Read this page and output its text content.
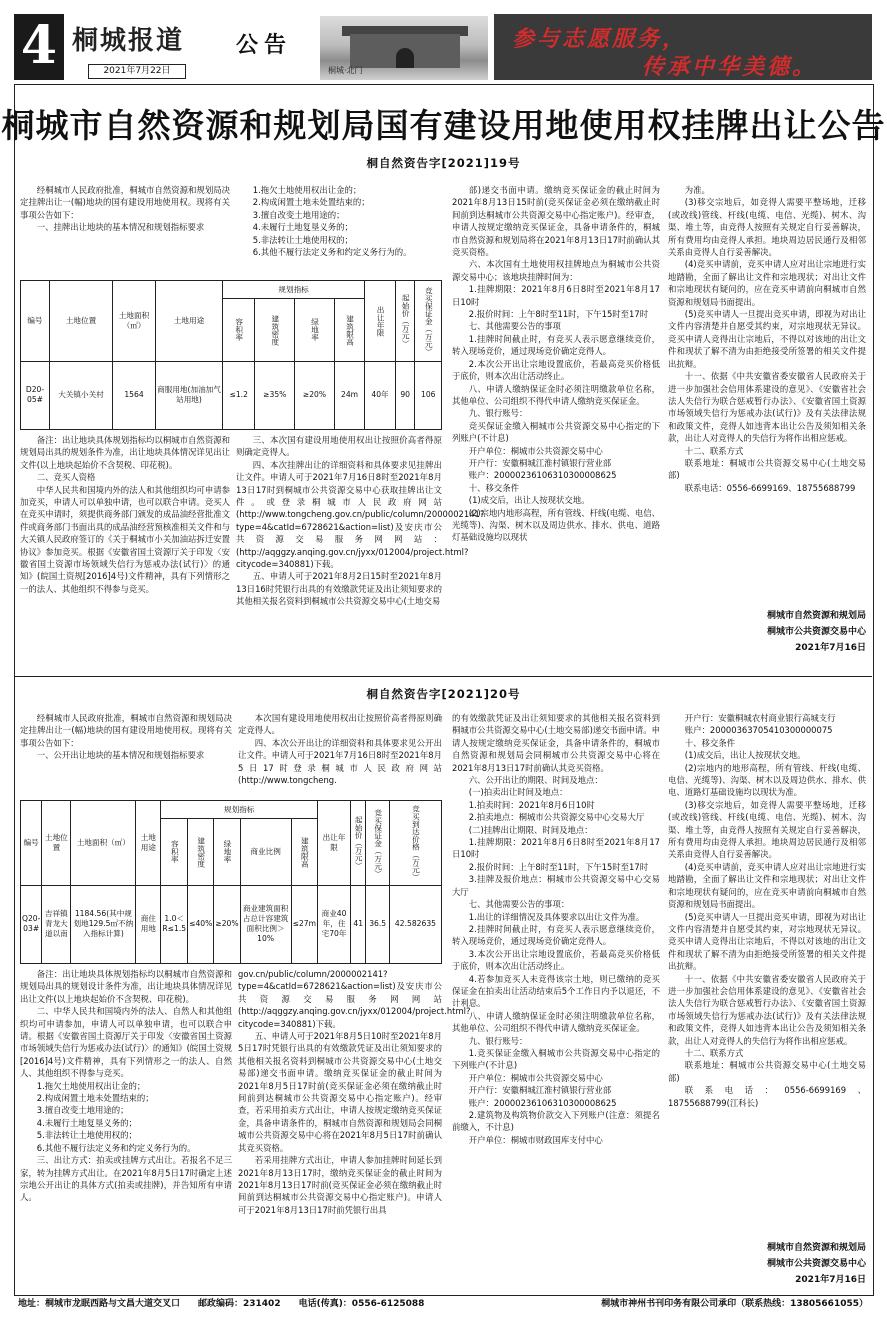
4 桐城报道
2021年7月22日
公告
桐城·北门
参与志愿服务，
传承中华美德。
桐城市自然资源和规划局国有建设用地使用权挂牌出让公告
桐自然资告字[2021]19号

经桐城市人民政府批准，桐城市自然资源和规划局决定挂牌出让一(幅)地块的国有建设用地使用权。现将有关事项公告如下：

一、挂牌出让地块的基本情况和规划指标要求

1.拖欠土地使用权出让金的；

2.构成闲置土地未处置结束的；

3.擅自改变土地用途的；

4.未履行土地复垦义务的；

5.非法转让土地使用权的；

6.其他不履行法定义务和约定义务行为的。

编号	土地位置	土地面积（㎡）	土地用途	规划指标				出让年限	起始价（万元）	竞买保证金（万元）
				容积率	建筑密度	绿地率	建筑限高			
D20-05#	大关镇小关村	1564	商服用地(加油加气站用地)	≤1.2	≥35%	≥20%	24m	40年	90	106

备注：出让地块具体规划指标均以桐城市自然资源和规划局出具的规划条件为准，出让地块具体情况详见出让文件(以上地块起始价不含契税、印花税)。

二、竞买人资格

中华人民共和国境内外的法人和其他组织均可申请参加竞买，申请人可以单独申请，也可以联合申请。竞买人在竞买申请时，须提供商务部门颁发的成品油经营批准文件或商务部门书面出具的成品油经营预核准相关文件和与大关镇人民政府签订的《关于桐城市小关加油站拆迁安置协议》参加竞买。根据《安徽省国土资源厅关于印发〈安徽省国土资源市场领域失信行为惩戒办法(试行)〉的通知》(皖国土资规[2016]4号)文件精神，具有下列情形之一的法人、其他组织不得参与竞买。

三、本次国有建设用地使用权出让按照价高者得原则确定竞得人。

四、本次挂牌出让的详细资料和具体要求见挂牌出让文件。申请人可于2021年7月16日8时至2021年8月13日17时到桐城市公共资源交易中心获取挂牌出让文件。或登录桐城市人民政府网站(http://www.tongcheng.gov.cn/public/column/2000002141?type=4&catId=6728621&action=list)及安庆市公共资源交易服务网网站：(http://aqggzy.anqing.gov.cn/jyxx/012004/project.html?citycode=340881)下载。

五、申请人可于2021年8月2日15时至2021年8月13日16时凭银行出具的有效缴款凭证及出让须知要求的其他相关报名资料到桐城市公共资源交易中心(土地交易

部)递交书面申请。缴纳竞买保证金的截止时间为2021年8月13日15时前(竞买保证金必须在缴纳截止时间前到达桐城市公共资源交易中心指定账户)。经审查，申请人按规定缴纳竞买保证金，具备申请条件的，桐城市自然资源和规划局将在2021年8月13日17时前确认其竞买资格。

六、本次国有土地使用权挂牌地点为桐城市公共资源交易中心；该地块挂牌时间为：

1.挂牌期限：2021年8月6日8时至2021年8月17日10时

2.报价时间：上午8时至11时，下午15时至17时

七、其他需要公告的事项

1.挂牌时间截止时，有竞买人表示愿意继续竞价，转入现场竞价，通过现场竞价确定竞得人。

2.本次公开出让宗地设置底价，若最高竞买价格低于底价，则本次出让活动终止。

八、申请人缴纳保证金时必须注明缴款单位名称，其他单位、公司组织不得代申请人缴纳竞买保证金。

九、银行账号：

竞买保证金缴入桐城市公共资源交易中心指定的下列账户(不计息)

开户单位：桐城市公共资源交易中心

开户行：安徽桐城江淮村镇银行营业部

账户：2000023610631030000862​5

十、移交条件

(1)成交后，出让人按现状交地。

(2)宗地内地形高程，所有管线、杆线(电缆、电信、光缆等)、沟渠、树木以及周边供水、排水、供电、道路灯基础设施均以现状

为准。

(3)移交宗地后，如竞得人需要平整场地，迁移(或改线)管线、杆线(电缆、电信、光缆)、树木、沟渠、堆土等，由竞得人按照有关规定自行妥善解决，所有费用均由竞得人承担。地块周边居民通行及相邻关系由竞得人自行妥善解决。

(4)竞买申请前，竞买申请人应对出让宗地进行实地踏勘，全面了解出让文件和宗地现状；对出让文件和宗地现状有疑问的，应在竞买申请前向桐城市自然资源和规划局书面提出。

(5)竞买申请人一旦提出竞买申请，即视为对出让文件内容清楚并自愿受其约束，对宗地现状无异议。竞买申请人竞得出让宗地后，不得以对该地的出让文件和现状了解不清为由拒绝接受所签署的相关文件提出抗辩。

十一、依据《中共安徽省委安徽省人民政府关于进一步加强社会信用体系建设的意见》、《安徽省社会法人失信行为联合惩戒暂行办法》、《安徽省国土资源市场领域失信行为惩戒办法(试行)》及有关法律法规和政策文件，竞得人如违背本出让公告及须知相关条款，出让人对竞得人的失信行为将作出相应惩戒。

十二、联系方式

联系地址：桐城市公共资源交易中心(土地交易部)

联系电话：0556-6699169、18755688799

桐城市自然资源和规划局
桐城市公共资源交易中心
2021年7月16日
桐自然资告字[2021]20号

经桐城市人民政府批准，桐城市自然资源和规划局决定挂牌出让一(幅)地块的国有建设用地使用权。现将有关事项公告如下：

一、公开出让地块的基本情况和规划指标要求

本次国有建设用地使用权出让按照价高者得原则确定竞得人。

四、本次公开出让的详细资料和具体要求见公开出让文件。申请人可于2021年7月16日8时至2021年8月5日17时登录桐城市人民政府网站(http://www.tongcheng.

编号	土地位置	土地面积（㎡）	土地用途	规划指标					出让年限	起始价（万元）	竞买保证金（万元）	竞买到达价格（万元）
				容积率	建筑密度	绿地率	商业比例	建筑限高				
Q20-03#	吉祥镇青龙大道以南	1184.56(其中规划地129.5㎡不纳入指标计算)	商住用地	1.0＜R≤1.5	≤40%	≥20%	商业建筑面积占总计容建筑面积比例＞10%	≤27m	商业40年，住宅70年	41	36.5	42.582635

备注：出让地块具体规划指标均以桐城市自然资源和规划局出具的规划设计条件为准，出让地块具体情况详见出让文件(以上地块起始价不含契税、印花税)。

二、中华人民共和国境内外的法人、自然人和其他组织均可申请参加，申请人可以单独申请，也可以联合申请。根据《安徽省国土资源厅关于印发〈安徽省国土资源市场领域失信行为惩戒办法(试行)〉的通知》(皖国土资规[2016]4号)文件精神，具有下列情形之一的法人、自然人、其他组织不得参与竞买。

1.拖欠土地使用权出让金的；

2.构成闲置土地未处置结束的；

3.擅自改变土地用途的；

4.未履行土地复垦义务的；

5.非法转让土地使用权的；

6.其他不履行法定义务和约定义务行为的。

三、出让方式：拍卖或挂牌方式出让。若报名不足三家，转为挂牌方式出让。在2021年8月5日17时确定上述宗地公开出让的具体方式(拍卖或挂牌)，并告知所有申请人。

gov.cn/public/column/2000002141?type=4&catId=6728621&action=list)及安庆市公共资源交易服务网网站(http://aqggzy.anqing.gov.cn/jyxx/012004/project.html?citycode=340881)下载。

五、申请人可于2021年8月5日10时至2021年8月5日17时凭银行出具的有效缴款凭证及出让须知要求的其他相关报名资料到桐城市公共资源交易中心(土地交易部)递交书面申请。缴纳竞买保证金的截止时间为2021年8月5日17时前(竞买保证金必须在缴纳截止时间前到达桐城市公共资源交易中心指定账户)。经审查，若采用拍卖方式出让，申请人按规定缴纳竞买保证金，具备申请条件的，桐城市自然资源和规划局会同桐城市公共资源交易中心将在2021年8月5日17时前确认其竞买资格。

若采用挂牌方式出让，申请人参加挂牌时间延长到2021年8月13日17时，缴纳竞买保证金的截止时间为2021年8月13日17时前(竞买保证金必须在缴纳截止时间前到达桐城市公共资源交易中心指定账户)。申请人可于2021年8月13日17时前凭银行出具

的有效缴款凭证及出让须知要求的其他相关报名资料到桐城市公共资源交易中心(土地交易部)递交书面申请。申请人按规定缴纳竞买保证金，具备申请条件的，桐城市自然资源和规划局会同桐城市公共资源交易中心将在2021年8月13日17时前确认其竞买资格。

六、公开出让的期限、时间及地点：

(一)拍卖出让时间及地点：

1.拍卖时间：2021年8月6日10时

2.拍卖地点：桐城市公共资源交易中心交易大厅

(二)挂牌出让期限、时间及地点：

1.挂牌期限：2021年8月6日8时至2021年8月17日10时

2.报价时间：上午8时至11时，下午15时至17时

3.挂牌及报价地点：桐城市公共资源交易中心交易大厅

七、其他需要公告的事项：

1.出让的详细情况及具体要求以出让文件为准。

2.挂牌时间截止时，有竞买人表示愿意继续竞价，转入现场竞价，通过现场竞价确定竞得人。

3.本次公开出让宗地设置底价，若最高竞买价格低于底价，则本次出让活动终止。

4.若参加竞买人未竞得该宗土地，则已缴纳的竞买保证金在拍卖出让活动结束后5个工作日内予以退还，不计利息。

八、申请人缴纳保证金时必须注明缴款单位名称，其他单位、公司组织不得代申请人缴纳竞买保证金。

九、银行账号：

1.竞买保证金缴入桐城市公共资源交易中心指定的下列账户(不计息)

开户单位：桐城市公共资源交易中心

开户行：安徽桐城江淮村镇银行营业部

账户：2000023610631030000862​5

2.建筑物及构筑物价款交入下列账户(注意：须提名前缴入，不计息)

开户单位：桐城市财政国库支付中心

开户行：安徽桐城农村商业银行高城支行

账户：20000363705410300000075

十、移交条件

(1)成交后，出让人按现状交地。

(2)宗地内的地形高程，所有管线、杆线(电缆、电信、光缆等)、沟渠、树木以及周边供水、排水、供电、道路灯基础设施均以现状为准。

(3)移交宗地后，如竞得人需要平整场地，迁移(或改线)管线、杆线(电缆、电信、光缆)、树木、沟渠、堆土等，由竞得人按照有关规定自行妥善解决，所有费用均由竞得人承担。地块周边居民通行及相邻关系由竞得人自行妥善解决。

(4)竞买申请前，竞买申请人应对出让宗地进行实地踏勘，全面了解出让文件和宗地现状；对出让文件和宗地现状有疑问的，应在竞买申请前向桐城市自然资源和规划局书面提出。

(5)竞买申请人一旦提出竞买申请，即视为对出让文件内容清楚并自愿受其约束，对宗地现状无异议。竞买申请人竞得出让宗地后，不得以对该地的出让文件和现状了解不清为由拒绝接受所签署的相关文件提出抗辩。

十一、依据《中共安徽省委安徽省人民政府关于进一步加强社会信用体系建设的意见》、《安徽省社会法人失信行为联合惩戒暂行办法》、《安徽省国土资源市场领域失信行为惩戒办法(试行)》及有关法律法规和政策文件，竞得人如违背本出让公告及须知相关条款，出让人对竞得人的失信行为将作出相应惩戒。

十二、联系方式

联系地址：桐城市公共资源交易中心(土地交易部)

联系电话：0556-6699169、18755688799(江科长)

桐城市自然资源和规划局
桐城市公共资源交易中心
2021年7月16日
地址：桐城市龙眠西路与文昌大道交叉口　　邮政编码：231402　　电话(传真)：0556-6125088	桐城市神州书刊印务有限公司承印（联系热线：13805661055）
